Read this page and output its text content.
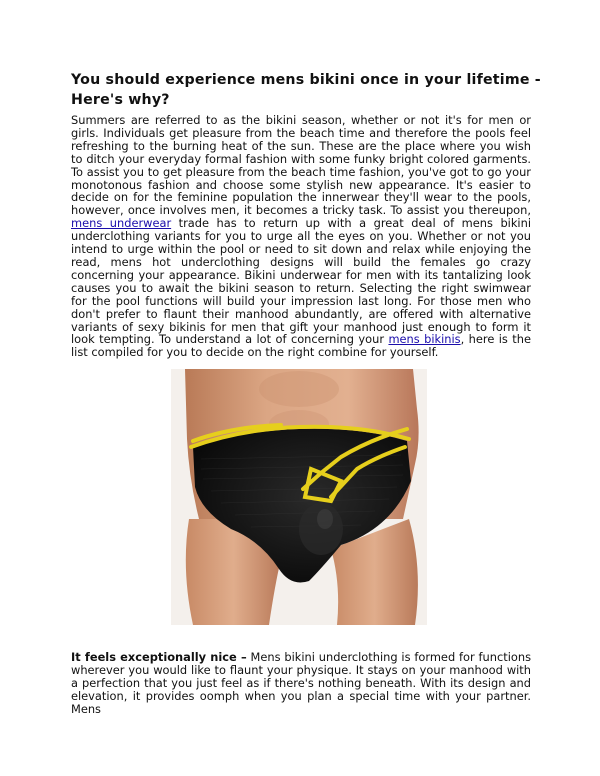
You should experience mens bikini once in your lifetime - Here's why?

Summers are referred to as the bikini season, whether or not it's for men or girls. Individuals get pleasure from the beach time and therefore the pools feel refreshing to the burning heat of the sun. These are the place where you wish to ditch your everyday formal fashion with some funky bright colored garments. To assist you to get pleasure from the beach time fashion, you've got to go your monotonous fashion and choose some stylish new appearance. It's easier to decide on for the feminine population the innerwear they'll wear to the pools, however, once involves men, it becomes a tricky task. To assist you thereupon, mens underwear trade has to return up with a great deal of mens bikini underclothing variants for you to urge all the eyes on you. Whether or not you intend to urge within the pool or need to sit down and relax while enjoying the read, mens hot underclothing designs will build the females go crazy concerning your appearance. Bikini underwear for men with its tantalizing look causes you to await the bikini season to return. Selecting the right swimwear for the pool functions will build your impression last long. For those men who don't prefer to flaunt their manhood abundantly, are offered with alternative variants of sexy bikinis for men that gift your manhood just enough to form it look tempting. To understand a lot of concerning your mens bikinis, here is the list compiled for you to decide on the right combine for yourself.

It feels exceptionally nice – Mens bikini underclothing is formed for functions wherever you would like to flaunt your physique. It stays on your manhood with a perfection that you just feel as if there's nothing beneath. With its design and elevation, it provides oomph when you plan a special time with your partner. Mens
